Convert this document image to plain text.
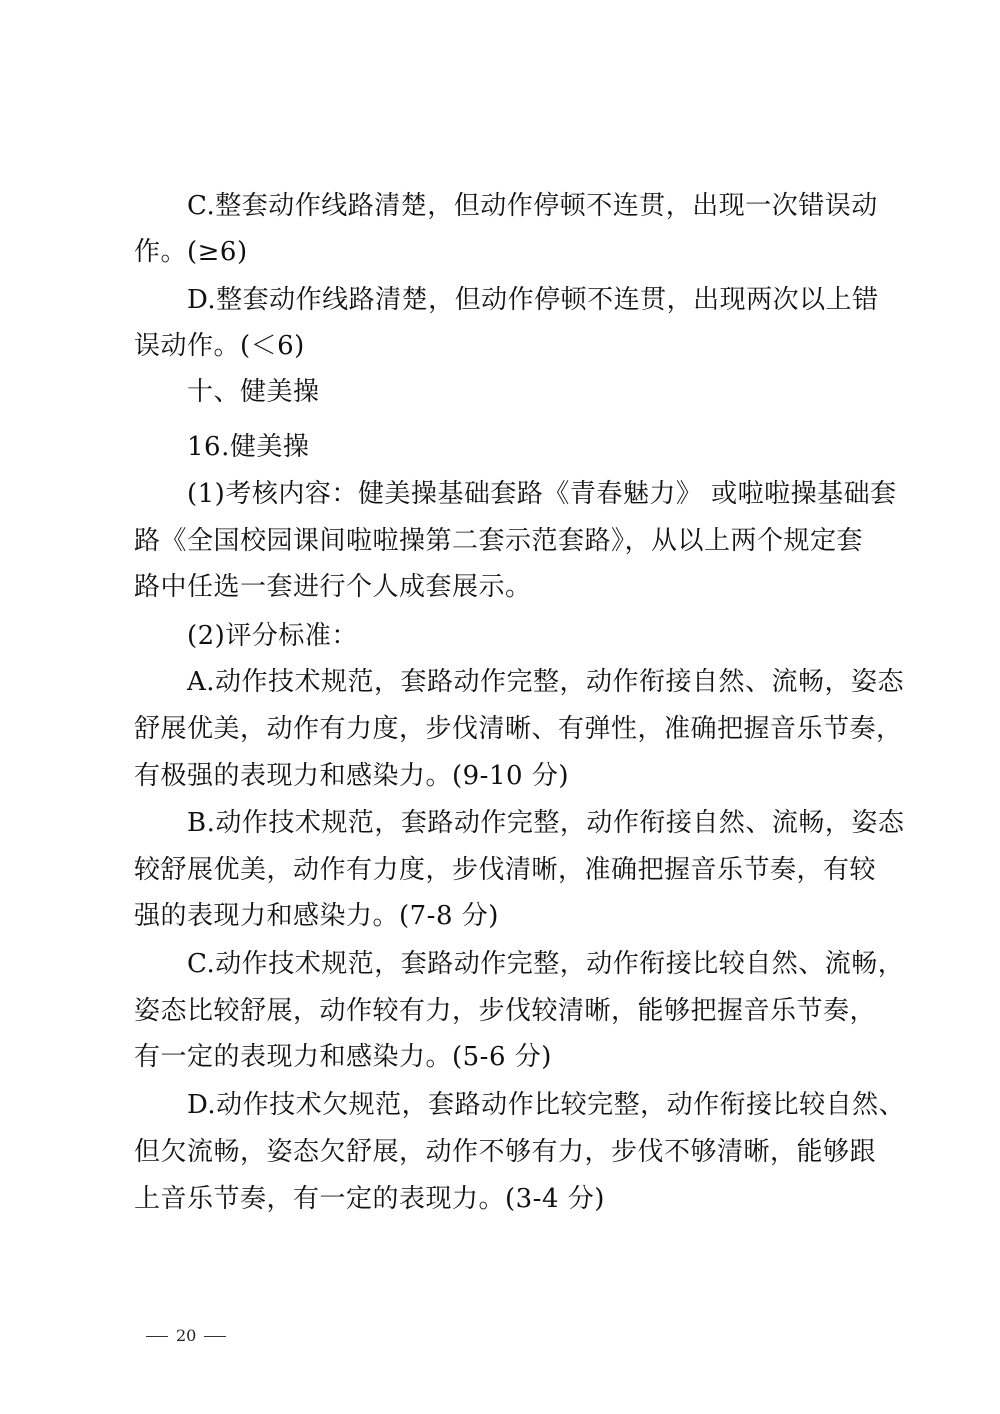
C.整套动作线路清楚，但动作停顿不连贯，出现一次错误动
作。(≥6)
D.整套动作线路清楚，但动作停顿不连贯，出现两次以上错
误动作。(＜6)
十、健美操
16.健美操
(1)考核内容：健美操基础套路《青春魅力》 或啦啦操基础套
路《全国校园课间啦啦操第二套示范套路》，从以上两个规定套
路中任选一套进行个人成套展示。
(2)评分标准：
A.动作技术规范，套路动作完整，动作衔接自然、流畅，姿态
舒展优美，动作有力度，步伐清晰、有弹性，准确把握音乐节奏，
有极强的表现力和感染力。(9-10 分)
B.动作技术规范，套路动作完整，动作衔接自然、流畅，姿态
较舒展优美，动作有力度，步伐清晰，准确把握音乐节奏，有较
强的表现力和感染力。(7-8 分)
C.动作技术规范，套路动作完整，动作衔接比较自然、流畅，
姿态比较舒展，动作较有力，步伐较清晰，能够把握音乐节奏，
有一定的表现力和感染力。(5-6 分)
D.动作技术欠规范，套路动作比较完整，动作衔接比较自然、
但欠流畅，姿态欠舒展，动作不够有力，步伐不够清晰，能够跟
上音乐节奏，有一定的表现力。(3-4 分)
20
